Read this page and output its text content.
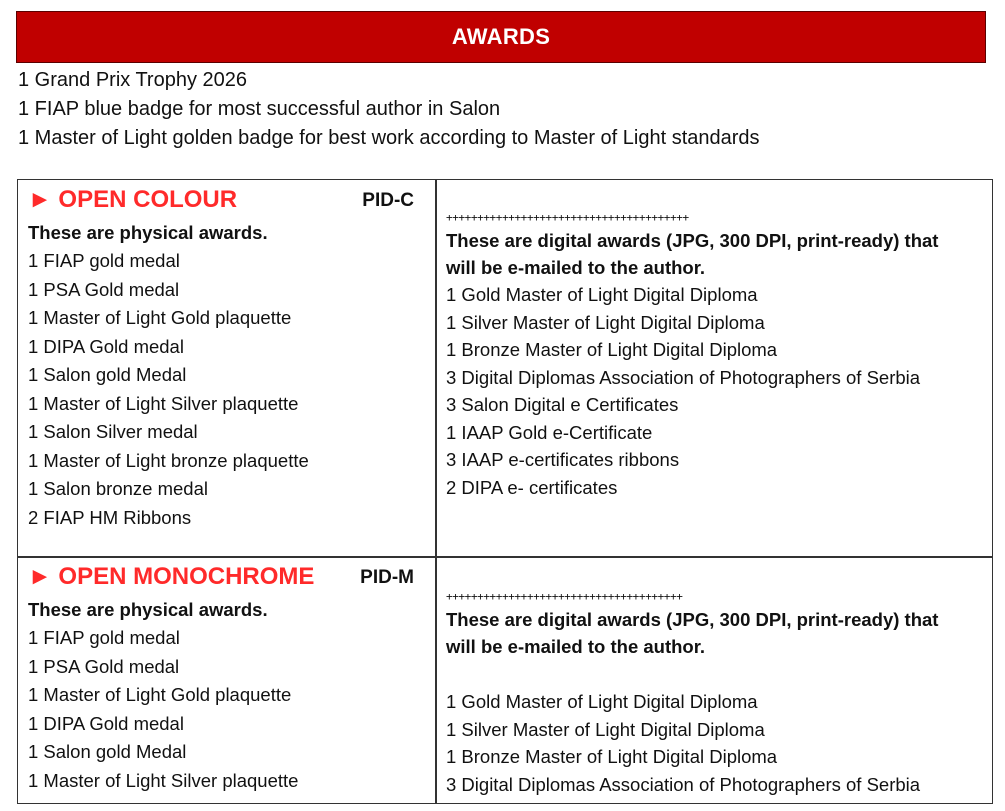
AWARDS
1 Grand Prix Trophy 2026
1 FIAP blue badge for most successful author in Salon
1 Master of Light golden badge for best work according to Master of Light standards
► OPEN COLOUR	PID-C
These are physical awards.
1 FIAP gold medal
1 PSA Gold medal
1 Master of Light Gold plaquette
1 DIPA Gold medal
1 Salon gold Medal
1 Master of Light Silver plaquette
1 Salon Silver medal
1 Master of Light bronze plaquette
1 Salon bronze medal
2 FIAP HM Ribbons
+++++++++++++++++++++++++++++++++++++++
These are digital awards (JPG, 300 DPI, print-ready) that will be e-mailed to the author.
1 Gold Master of Light Digital Diploma
1 Silver Master of Light Digital Diploma
1 Bronze Master of Light Digital Diploma
3 Digital Diplomas Association of Photographers of Serbia
3 Salon Digital e Certificates
1 IAAP Gold e-Certificate
3 IAAP e-certificates ribbons
2 DIPA e- certificates
► OPEN MONOCHROME PID-M
These are physical awards.
1 FIAP gold medal
1 PSA Gold medal
1 Master of Light Gold plaquette
1 DIPA Gold medal
1 Salon gold Medal
1 Master of Light Silver plaquette
++++++++++++++++++++++++++++++++++++++
These are digital awards (JPG, 300 DPI, print-ready) that will be e-mailed to the author.
1 Gold Master of Light Digital Diploma
1 Silver Master of Light Digital Diploma
1 Bronze Master of Light Digital Diploma
3 Digital Diplomas Association of Photographers of Serbia
